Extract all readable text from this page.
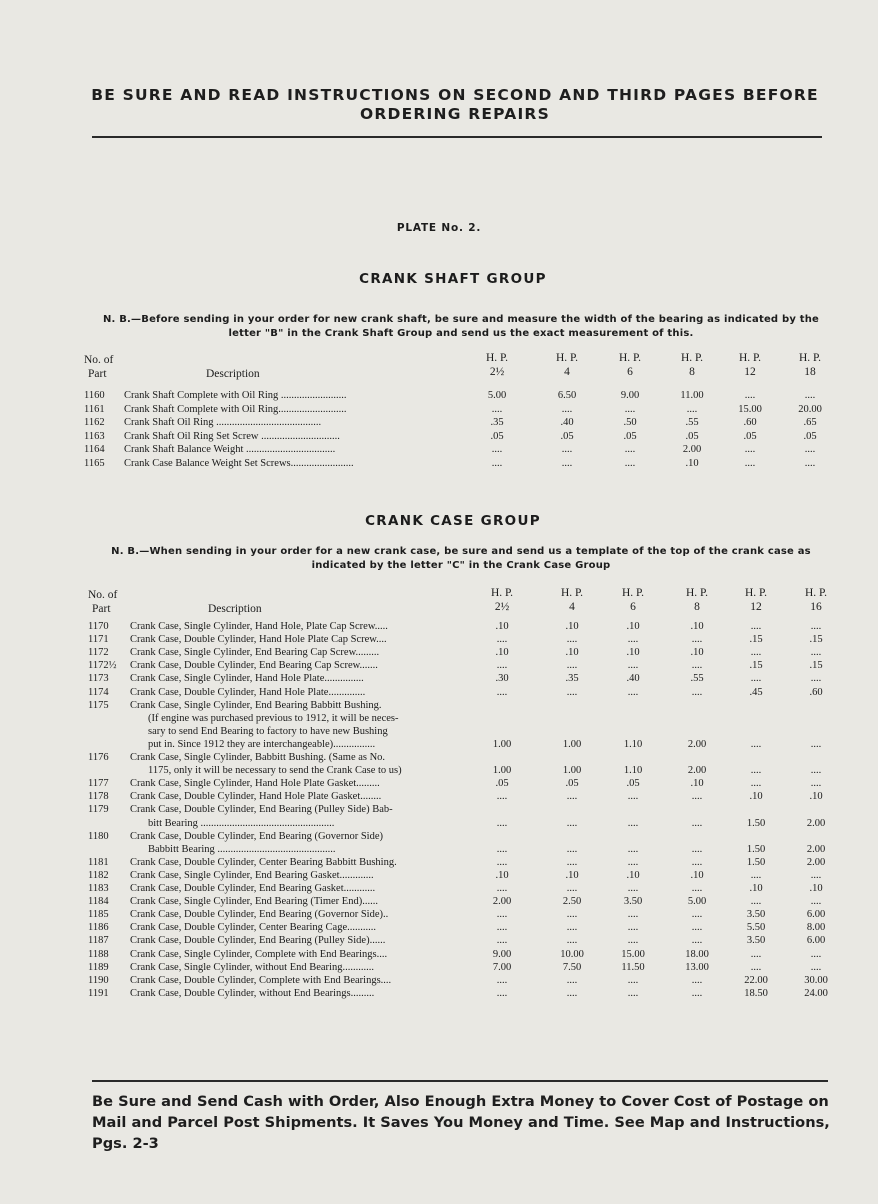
BE SURE AND READ INSTRUCTIONS ON SECOND AND THIRD PAGES BEFORE ORDERING REPAIRS
PLATE No. 2.
CRANK SHAFT GROUP
N. B.—Before sending in your order for new crank shaft, be sure and measure the width of the bearing as indicated by the letter "B" in the Crank Shaft Group and send us the exact measurement of this.
No. of
Part	Description
H. P.
2½
H. P.
4
H. P.
6
H. P.
8
H. P.
12
H. P.
18
1160 Crank Shaft Complete with Oil Ring .........................	5.00	6.50	9.00	11.00	....	....
1161 Crank Shaft Complete with Oil Ring..........................	....	....	....	....	15.00	20.00
1162 Crank Shaft Oil Ring ........................................	.35	.40	.50	.55	.60	.65
1163 Crank Shaft Oil Ring Set Screw ..............................	.05	.05	.05	.05	.05	.05
1164 Crank Shaft Balance Weight ..................................	....	....	....	2.00	....	....
1165 Crank Case Balance Weight Set Screws........................	....	....	....	.10	....	....
CRANK CASE GROUP
N. B.—When sending in your order for a new crank case, be sure and send us a template of the top of the crank case as indicated by the letter "C" in the Crank Case Group
No. of
Part	Description
H. P.
2½
H. P.
4
H. P.
6
H. P.
8
H. P.
12
H. P.
16
1170 Crank Case, Single Cylinder, Hand Hole, Plate Cap Screw.....	.10	.10	.10	.10	....	....
1171 Crank Case, Double Cylinder, Hand Hole Plate Cap Screw....	....	....	....	....	.15	.15
1172 Crank Case, Single Cylinder, End Bearing Cap Screw.........	.10	.10	.10	.10	....	....
1172½ Crank Case, Double Cylinder, End Bearing Cap Screw.......	....	....	....	....	.15	.15
1173 Crank Case, Single Cylinder, Hand Hole Plate...............	.30	.35	.40	.55	....	....
1174 Crank Case, Double Cylinder, Hand Hole Plate..............	....	....	....	....	.45	.60
1175 Crank Case, Single Cylinder, End Bearing Babbitt Bushing.
(If engine was purchased previous to 1912, it will be neces-
sary to send End Bearing to factory to have new Bushing
put in. Since 1912 they are interchangeable)................	1.00	1.00	1.10	2.00	....	....
1176 Crank Case, Single Cylinder, Babbitt Bushing. (Same as No.
1175, only it will be necessary to send the Crank Case to us)	1.00	1.00	1.10	2.00	....	....
1177 Crank Case, Single Cylinder, Hand Hole Plate Gasket.........	.05	.05	.05	.10	....	....
1178 Crank Case, Double Cylinder, Hand Hole Plate Gasket........	....	....	....	....	.10	.10
1179 Crank Case, Double Cylinder, End Bearing (Pulley Side) Bab-
bitt Bearing ...................................................	....	....	....	....	1.50	2.00
1180 Crank Case, Double Cylinder, End Bearing (Governor Side)
Babbitt Bearing .............................................	....	....	....	....	1.50	2.00
1181 Crank Case, Double Cylinder, Center Bearing Babbitt Bushing.	....	....	....	....	1.50	2.00
1182 Crank Case, Single Cylinder, End Bearing Gasket.............	.10	.10	.10	.10	....	....
1183 Crank Case, Double Cylinder, End Bearing Gasket............	....	....	....	....	.10	.10
1184 Crank Case, Single Cylinder, End Bearing (Timer End)......	2.00	2.50	3.50	5.00	....	....
1185 Crank Case, Double Cylinder, End Bearing (Governor Side)..	....	....	....	....	3.50	6.00
1186 Crank Case, Double Cylinder, Center Bearing Cage...........	....	....	....	....	5.50	8.00
1187 Crank Case, Double Cylinder, End Bearing (Pulley Side)......	....	....	....	....	3.50	6.00
1188 Crank Case, Single Cylinder, Complete with End Bearings....	9.00	10.00	15.00	18.00	....	....
1189 Crank Case, Single Cylinder, without End Bearing............	7.00	7.50	11.50	13.00	....	....
1190 Crank Case, Double Cylinder, Complete with End Bearings....	....	....	....	....	22.00	30.00
1191 Crank Case, Double Cylinder, without End Bearings.........	....	....	....	....	18.50	24.00
Be Sure and Send Cash with Order, Also Enough Extra Money to Cover Cost of Postage on Mail and Parcel Post Shipments. It Saves You Money and Time. See Map and Instructions, Pgs. 2-3
